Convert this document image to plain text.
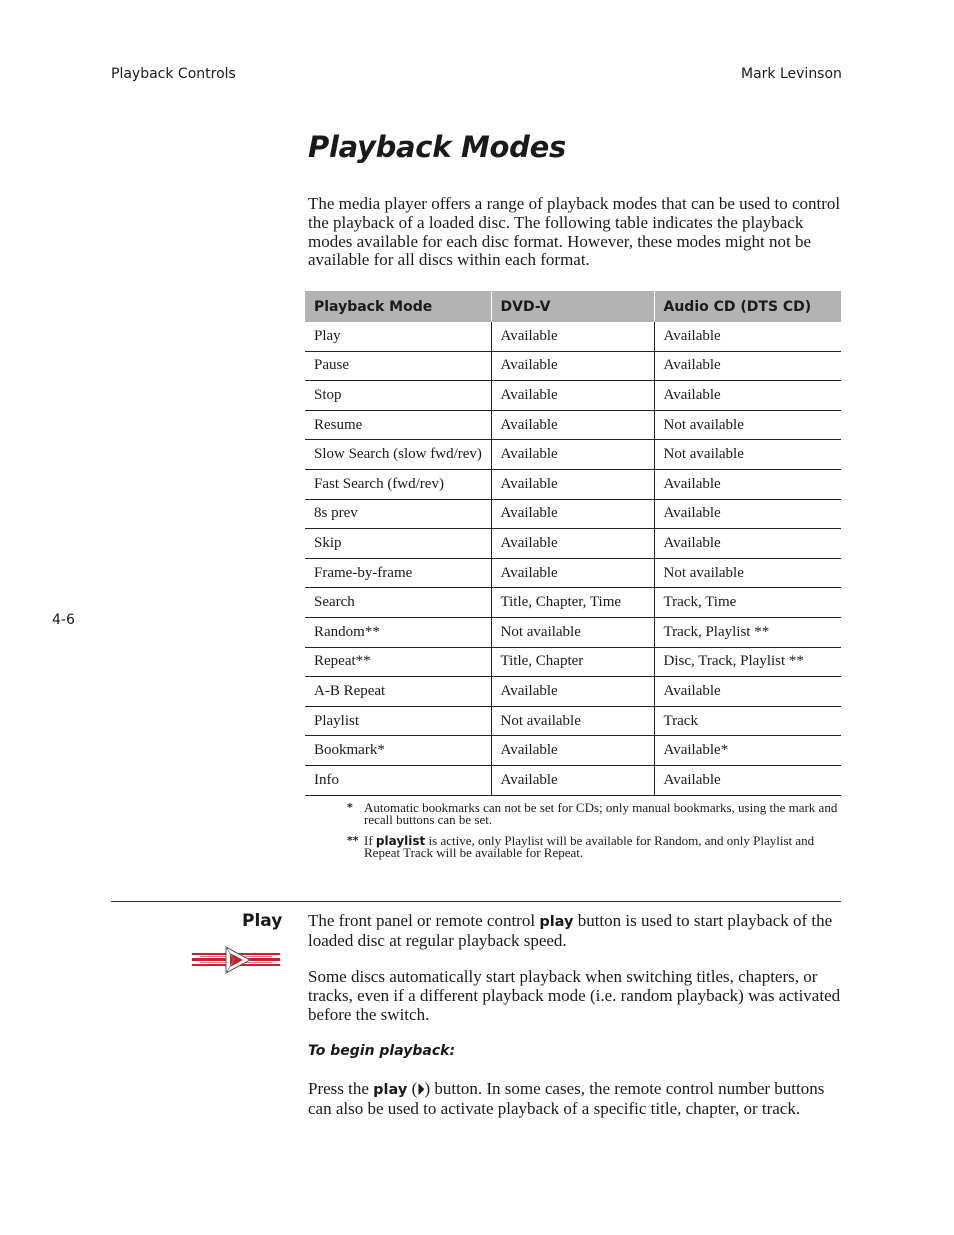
Playback Controls	Mark Levinson
4-6
Playback Modes

The media player offers a range of playback modes that can be used to control the playback of a loaded disc. The following table indicates the playback modes available for each disc format. However, these modes might not be available for all discs within each format.

Playback Mode	DVD-V	Audio CD (DTS CD)
Play	Available	Available
Pause	Available	Available
Stop	Available	Available
Resume	Available	Not available
Slow Search (slow fwd/rev)	Available	Not available
Fast Search (fwd/rev)	Available	Available
8s prev	Available	Available
Skip	Available	Available
Frame-by-frame	Available	Not available
Search	Title, Chapter, Time	Track, Time
Random**	Not available	Track, Playlist **
Repeat**	Title, Chapter	Disc, Track, Playlist **
A-B Repeat	Available	Available
Playlist	Not available	Track
Bookmark*	Available	Available*
Info	Available	Available
* Automatic bookmarks can not be set for CDs; only manual bookmarks, using the mark and recall buttons can be set.
** If playlist is active, only Playlist will be available for Random, and only Playlist and Repeat Track will be available for Repeat.
Play The front panel or remote control play button is used to start playback of the loaded disc at regular playback speed.

Some discs automatically start playback when switching titles, chapters, or tracks, even if a different playback mode (i.e. random playback) was activated before the switch.

To begin playback:

Press the play (⏵) button. In some cases, the remote control number buttons can also be used to activate playback of a specific title, chapter, or track.
